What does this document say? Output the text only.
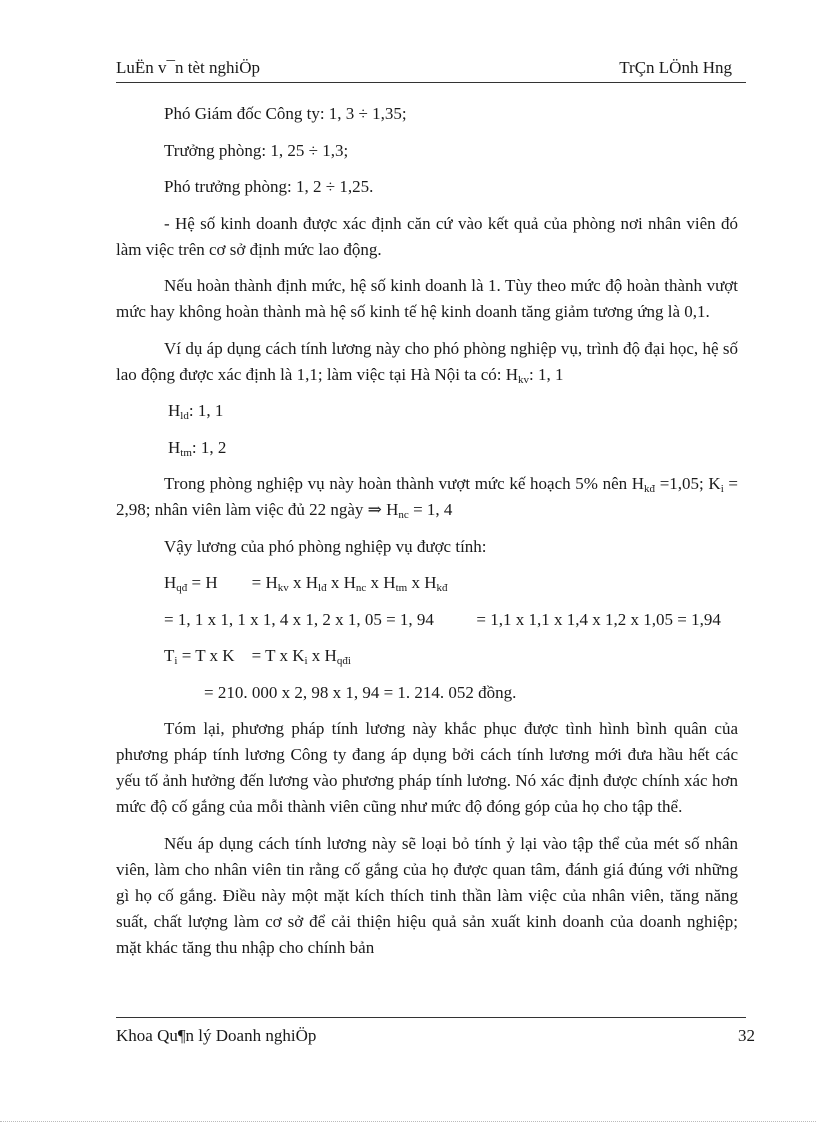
LuËn v¯n tèt nghiÖp	TrÇn LÖnh Hng

Phó Giám đốc Công ty: 1, 3 ÷ 1,35;

Trưởng phòng: 1, 25 ÷ 1,3;

Phó trưởng phòng: 1, 2 ÷ 1,25.

- Hệ số kinh doanh được xác định căn cứ vào kết quả của phòng nơi nhân viên đó làm việc trên cơ sở định mức lao động.

Nếu hoàn thành định mức, hệ số kinh doanh là 1. Tùy theo mức độ hoàn thành vượt mức hay không hoàn thành mà hệ số kinh tế hệ kinh doanh tăng giảm tương ứng là 0,1.

Ví dụ áp dụng cách tính lương này cho phó phòng nghiệp vụ, trình độ đại học, hệ số lao động được xác định là 1,1; làm việc tại Hà Nội ta có: $H_{kv}$: 1, 1

$H_{ld}$: 1, 1

$H_{tm}$: 1, 2

Trong phòng nghiệp vụ này hoàn thành vượt mức kế hoạch 5% nên $H_{kđ} =1,05$; $K_i = 2,98$; nhân viên làm việc đủ 22 ngày ⇒ $H_{nc} = 1$, 4

Vậy lương của phó phòng nghiệp vụ được tính:

$H_{qđ} = H$        = $H_{kv}$ x $H_{lđ}$ x $H_{nc}$ x $H_{tm}$ x $H_{kđ}$

= 1, 1 x 1, 1 x 1, 4 x 1, 2 x 1, 05 = 1, 94          = 1,1 x 1,1 x 1,4 x 1,2 x 1,05 = 1,94

$T_i = T$ x K    = T x $K_i$ x $H_{qđi}$

= 210. 000 x 2, 98 x 1, 94 = 1. 214. 052 đồng.

Tóm lại, phương pháp tính lương này khắc phục được tình hình bình quân của phương pháp tính lương Công ty đang áp dụng bởi cách tính lương mới đưa hầu hết các yếu tố ảnh hưởng đến lương vào phương pháp tính lương. Nó xác định được chính xác hơn mức độ cố gắng của mỗi thành viên cũng như mức độ đóng góp của họ cho tập thể.

Nếu áp dụng cách tính lương này sẽ loại bỏ tính ỷ lại vào tập thể của mét số nhân viên, làm cho nhân viên tin rằng cố gắng của họ được quan tâm, đánh giá đúng với những gì họ cố gắng. Điều này một mặt kích thích tinh thần làm việc của nhân viên, tăng năng suất, chất lượng làm cơ sở để cải thiện hiệu quả sản xuất kinh doanh của doanh nghiệp; mặt khác tăng thu nhập cho chính bản

Khoa Qu¶n lý Doanh nghiÖp	32
